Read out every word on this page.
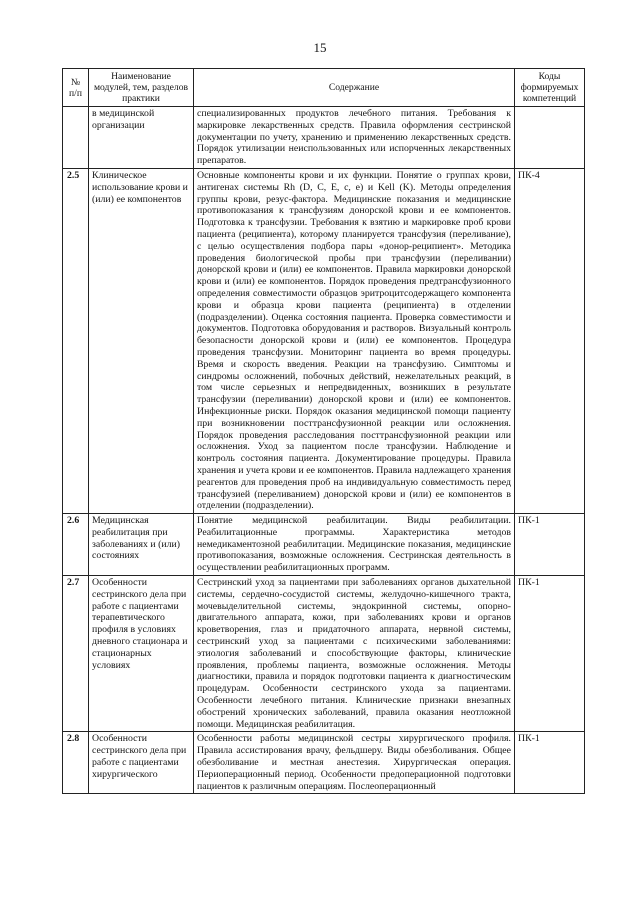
15
№ п/п	Наименование модулей, тем, разделов практики	Содержание	Коды формируемых компетенций
	в медицинской организации	специализированных продуктов лечебного питания. Требования к маркировке лекарственных средств. Правила оформления сестринской документации по учету, хранению и применению лекарственных средств. Порядок утилизации неиспользованных или испорченных лекарственных препаратов.	
2.5	Клиническое использование крови и (или) ее компонентов	Основные компоненты крови и их функции. Понятие о группах крови, антигенах системы Rh (D, C, E, c, e) и Kell (K). Методы определения группы крови, резус-фактора. Медицинские показания и медицинские противопоказания к трансфузиям донорской крови и ее компонентов. Подготовка к трансфузии. Требования к взятию и маркировке проб крови пациента (реципиента), которому планируется трансфузия (переливание), с целью осуществления подбора пары «донор-реципиент». Методика проведения биологической пробы при трансфузии (переливании) донорской крови и (или) ее компонентов. Правила маркировки донорской крови и (или) ее компонентов. Порядок проведения предтрансфузионного определения совместимости образцов эритроцитсодержащего компонента крови и образца крови пациента (реципиента) в отделении (подразделении). Оценка состояния пациента. Проверка совместимости и документов. Подготовка оборудования и растворов. Визуальный контроль безопасности донорской крови и (или) ее компонентов. Процедура проведения трансфузии. Мониторинг пациента во время процедуры. Время и скорость введения. Реакции на трансфузию. Симптомы и синдромы осложнений, побочных действий, нежелательных реакций, в том числе серьезных и непредвиденных, возникших в результате трансфузии (переливании) донорской крови и (или) ее компонентов. Инфекционные риски. Порядок оказания медицинской помощи пациенту при возникновении посттрансфузионной реакции или осложнения. Порядок проведения расследования посттрансфузионной реакции или осложнения. Уход за пациентом после трансфузии. Наблюдение и контроль состояния пациента. Документирование процедуры. Правила хранения и учета крови и ее компонентов. Правила надлежащего хранения реагентов для проведения проб на индивидуальную совместимость перед трансфузией (переливанием) донорской крови и (или) ее компонентов в отделении (подразделении).	ПК-4
2.6	Медицинская реабилитация при заболеваниях и (или) состояниях	Понятие медицинской реабилитации. Виды реабилитации. Реабилитационные программы. Характеристика методов немедикаментозной реабилитации. Медицинские показания, медицинские противопоказания, возможные осложнения. Сестринская деятельность в осуществлении реабилитационных программ.	ПК-1
2.7	Особенности сестринского дела при работе с пациентами терапевтического профиля в условиях дневного стационара и стационарных условиях	Сестринский уход за пациентами при заболеваниях органов дыхательной системы, сердечно-сосудистой системы, желудочно-кишечного тракта, мочевыделительной системы, эндокринной системы, опорно-двигательного аппарата, кожи, при заболеваниях крови и органов кроветворения, глаз и придаточного аппарата, нервной системы, сестринский уход за пациентами с психическими заболеваниями: этиология заболеваний и способствующие факторы, клинические проявления, проблемы пациента, возможные осложнения. Методы диагностики, правила и порядок подготовки пациента к диагностическим процедурам. Особенности сестринского ухода за пациентами. Особенности лечебного питания. Клинические признаки внезапных обострений хронических заболеваний, правила оказания неотложной помощи. Медицинская реабилитация.	ПК-1
2.8	Особенности сестринского дела при работе с пациентами хирургического	Особенности работы медицинской сестры хирургического профиля. Правила ассистирования врачу, фельдшеру. Виды обезболивания. Общее обезболивание и местная анестезия. Хирургическая операция. Периоперационный период. Особенности предоперационной подготовки пациентов к различным операциям. Послеоперационный	ПК-1
